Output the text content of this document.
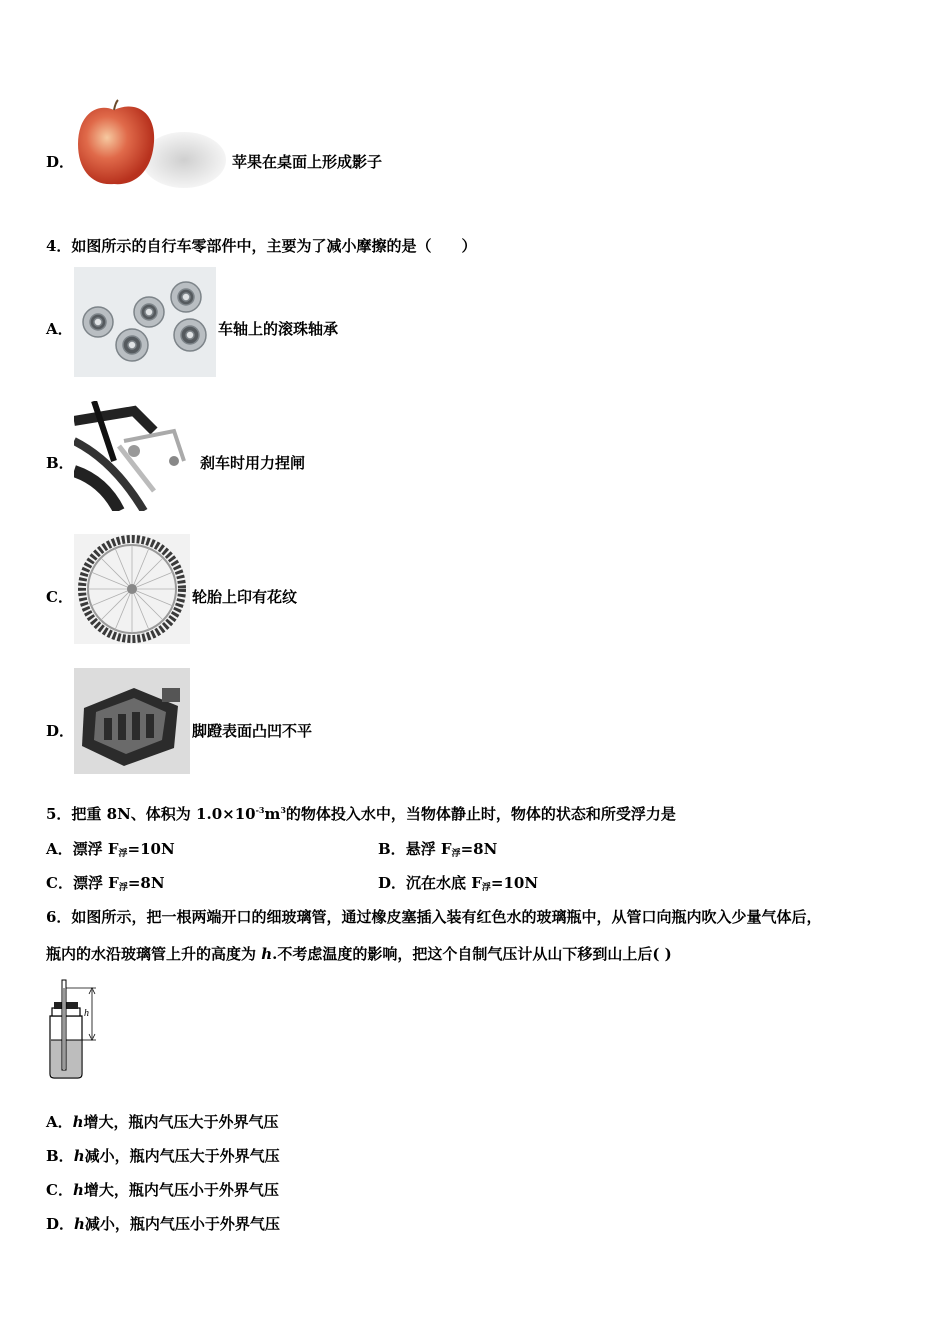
D．	苹果在桌面上形成影子
4．如图所示的自行车零部件中，主要为了减小摩擦的是（　　）
A．	车轴上的滚珠轴承
B．	刹车时用力捏闸
C．	轮胎上印有花纹
D．	脚蹬表面凸凹不平
5．把重 8N、体积为 $1.0\times 10^{-3}m^3$的物体投入水中，当物体静止时，物体的状态和所受浮力是
A．漂浮 $F_浮=10N$	B．悬浮 $F_浮=8N$
C．漂浮 $F_浮=8N$	D．沉在水底 $F_浮=10N$
6．如图所示，把一根两端开口的细玻璃管，通过橡皮塞插入装有红色水的玻璃瓶中，从管口向瓶内吹入少量气体后，
瓶内的水沿玻璃管上升的高度为 h.不考虑温度的影响，把这个自制气压计从山下移到山上后( )
h
A．h增大，瓶内气压大于外界气压
B．h减小，瓶内气压大于外界气压
C．h增大，瓶内气压小于外界气压
D．h减小，瓶内气压小于外界气压
